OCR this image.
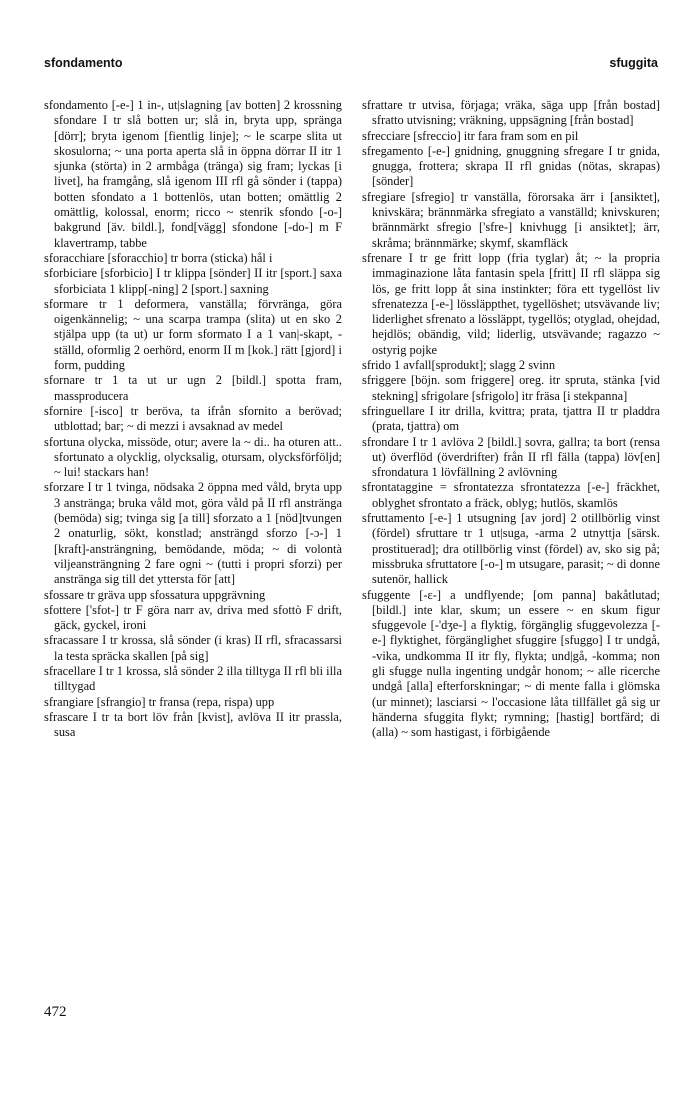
sfondamento	sfuggita

sfondamento [-e-] 1 in-, ut|slagning [av botten] 2 krossning sfondare I tr slå botten ur; slå in, bryta upp, spränga [dörr]; bryta igenom [fientlig linje]; ~ le scarpe slita ut skosulorna; ~ una porta aperta slå in öppna dörrar II itr 1 sjunka (störta) in 2 armbåga (tränga) sig fram; lyckas [i livet], ha framgång, slå igenom III rfl gå sönder i (tappa) botten sfondato a 1 bottenlös, utan botten; omättlig 2 omättlig, kolossal, enorm; ricco ~ stenrik sfondo [-o-] bakgrund [äv. bildl.], fond[vägg] sfondone [-do-] m F klavertramp, tabbe

sforacchiare [sforacchio] tr borra (sticka) hål i

sforbiciare [sforbicio] I tr klippa [sönder] II itr [sport.] saxa sforbiciata 1 klipp[-ning] 2 [sport.] saxning

sformare tr 1 deformera, vanställa; förvränga, göra oigenkännelig; ~ una scarpa trampa (slita) ut en sko 2 stjälpa upp (ta ut) ur form sformato I a 1 van|-skapt, -ställd, oformlig 2 oerhörd, enorm II m [kok.] rätt [gjord] i form, pudding

sfornare tr 1 ta ut ur ugn 2 [bildl.] spotta fram, massproducera

sfornire [-isco] tr beröva, ta ifrån sfornito a berövad; utblottad; bar; ~ di mezzi i avsaknad av medel

sfortuna olycka, missöde, otur; avere la ~ di.. ha oturen att.. sfortunato a olycklig, olycksalig, otursam, olycksförföljd; ~ lui! stackars han!

sforzare I tr 1 tvinga, nödsaka 2 öppna med våld, bryta upp 3 anstränga; bruka våld mot, göra våld på II rfl anstränga (bemöda) sig; tvinga sig [a till] sforzato a 1 [nöd]tvungen 2 onaturlig, sökt, konstlad; ansträngd sforzo [-ɔ-] 1 [kraft]-ansträngning, bemödande, möda; ~ di volontà viljeansträngning 2 fare ogni ~ (tutti i propri sforzi) per anstränga sig till det yttersta för [att]

sfossare tr gräva upp sfossatura uppgrävning

sfottere ['sfot-] tr F göra narr av, driva med sfottò F drift, gäck, gyckel, ironi

sfracassare I tr krossa, slå sönder (i kras) II rfl, sfracassarsi la testa spräcka skallen [på sig]

sfracellare I tr 1 krossa, slå sönder 2 illa tilltyga II rfl bli illa tilltygad

sfrangiare [sfrangio] tr fransa (repa, rispa) upp

sfrascare I tr ta bort löv från [kvist], avlöva II itr prassla, susa

sfrattare tr utvisa, förjaga; vräka, säga upp [från bostad] sfratto utvisning; vräkning, uppsägning [från bostad]

sfrecciare [sfreccio] itr fara fram som en pil

sfregamento [-e-] gnidning, gnuggning sfregare I tr gnida, gnugga, frottera; skrapa II rfl gnidas (nötas, skrapas) [sönder]

sfregiare [sfregio] tr vanställa, förorsaka ärr i [ansiktet], knivskära; brännmärka sfregiato a vanställd; knivskuren; brännmärkt sfregio ['sfre-] knivhugg [i ansiktet]; ärr, skråma; brännmärke; skymf, skamfläck

sfrenare I tr ge fritt lopp (fria tyglar) åt; ~ la propria immaginazione låta fantasin spela [fritt] II rfl släppa sig lös, ge fritt lopp åt sina instinkter; föra ett tygellöst liv sfrenatezza [-e-] lössläppthet, tygellöshet; utsvävande liv; liderlighet sfrenato a lössläppt, tygellös; otyglad, ohejdad, hejdlös; obändig, vild; liderlig, utsvävande; ragazzo ~ ostyrig pojke

sfrido 1 avfall[sprodukt]; slagg 2 svinn

sfriggere [böjn. som friggere] oreg. itr spruta, stänka [vid stekning] sfrigolare [sfrigolo] itr fräsa [i stekpanna]

sfringuellare I itr drilla, kvittra; prata, tjattra II tr pladdra (prata, tjattra) om

sfrondare I tr 1 avlöva 2 [bildl.] sovra, gallra; ta bort (rensa ut) överflöd (överdrifter) från II rfl fälla (tappa) löv[en] sfrondatura 1 lövfällning 2 avlövning

sfrontataggine = sfrontatezza sfrontatezza [-e-] fräckhet, oblyghet sfrontato a fräck, oblyg; hutlös, skamlös

sfruttamento [-e-] 1 utsugning [av jord] 2 otillbörlig vinst (fördel) sfruttare tr 1 ut|suga, -arma 2 utnyttja [särsk. prostituerad]; dra otillbörlig vinst (fördel) av, sko sig på; missbruka sfruttatore [-o-] m utsugare, parasit; ~ di donne sutenör, hallick

sfuggente [-ɛ-] a undflyende; [om panna] bakåtlutad; [bildl.] inte klar, skum; un essere ~ en skum figur sfuggevole [-'dʒe-] a flyktig, förgänglig sfuggevolezza [-e-] flyktighet, förgänglighet sfuggire [sfuggo] I tr undgå, -vika, undkomma II itr fly, flykta; und|gå, -komma; non gli sfugge nulla ingenting undgår honom; ~ alle ricerche undgå [alla] efterforskningar; ~ di mente falla i glömska (ur minnet); lasciarsi ~ l'occasione låta tillfället gå sig ur händerna sfuggita flykt; rymning; [hastig] bortfärd; di (alla) ~ som hastigast, i förbigående

472
